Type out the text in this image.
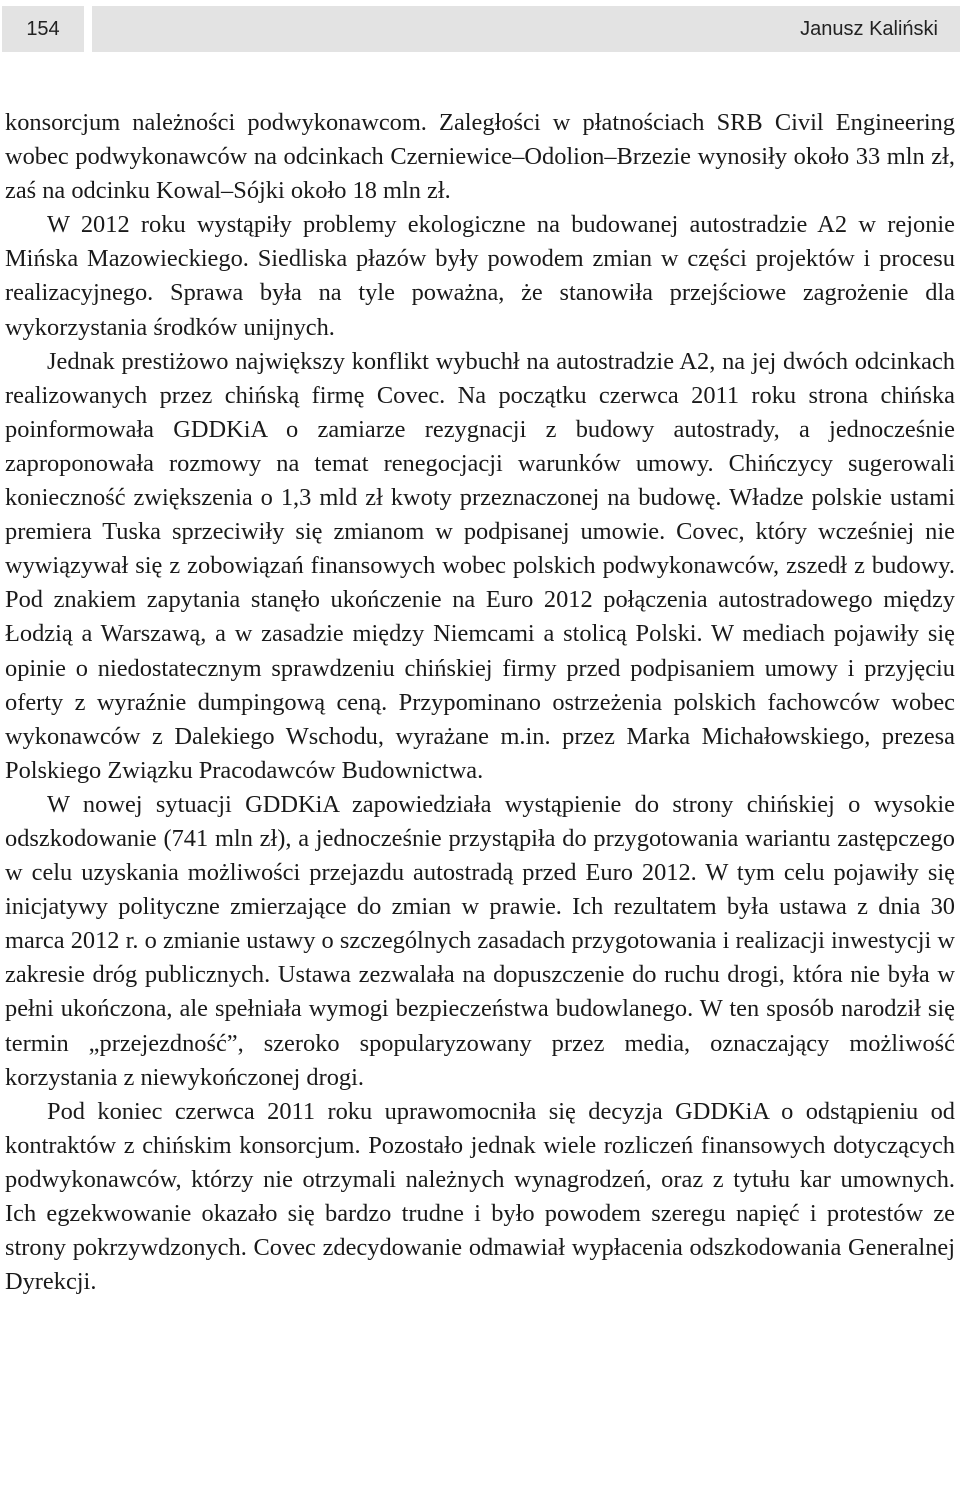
154	Janusz Kaliński

konsorcjum należności podwykonawcom. Zaległości w płatnościach SRB Civil Engineering wobec podwykonawców na odcinkach Czerniewice–Odolion–Brzezie wynosiły około 33 mln zł, zaś na odcinku Kowal–Sójki około 18 mln zł.

W 2012 roku wystąpiły problemy ekologiczne na budowanej autostradzie A2 w rejonie Mińska Mazowieckiego. Siedliska płazów były powodem zmian w części projektów i procesu realizacyjnego. Sprawa była na tyle poważna, że stanowiła przejściowe zagrożenie dla wykorzystania środków unijnych.

Jednak prestiżowo największy konflikt wybuchł na autostradzie A2, na jej dwóch odcinkach realizowanych przez chińską firmę Covec. Na początku czerwca 2011 roku strona chińska poinformowała GDDKiA o zamiarze rezygnacji z budowy autostrady, a jednocześnie zaproponowała rozmowy na temat renegocjacji warunków umowy. Chińczycy sugerowali konieczność zwiększenia o 1,3 mld zł kwoty przeznaczonej na budowę. Władze polskie ustami premiera Tuska sprzeciwiły się zmianom w podpisanej umowie. Covec, który wcześniej nie wywiązywał się z zobowiązań finansowych wobec polskich podwykonawców, zszedł z budowy. Pod znakiem zapytania stanęło ukończenie na Euro 2012 połączenia autostradowego między Łodzią a Warszawą, a w zasadzie między Niemcami a stolicą Polski. W mediach pojawiły się opinie o niedostatecznym sprawdzeniu chińskiej firmy przed podpisaniem umowy i przyjęciu oferty z wyraźnie dumpingową ceną. Przypominano ostrzeżenia polskich fachowców wobec wykonawców z Dalekiego Wschodu, wyrażane m.in. przez Marka Michałowskiego, prezesa Polskiego Związku Pracodawców Budownictwa.

W nowej sytuacji GDDKiA zapowiedziała wystąpienie do strony chińskiej o wysokie odszkodowanie (741 mln zł), a jednocześnie przystąpiła do przygotowania wariantu zastępczego w celu uzyskania możliwości przejazdu autostradą przed Euro 2012. W tym celu pojawiły się inicjatywy polityczne zmierzające do zmian w prawie. Ich rezultatem była ustawa z dnia 30 marca 2012 r. o zmianie ustawy o szczególnych zasadach przygotowania i realizacji inwestycji w zakresie dróg publicznych. Ustawa zezwalała na dopuszczenie do ruchu drogi, która nie była w pełni ukończona, ale spełniała wymogi bezpieczeństwa budowlanego. W ten sposób narodził się termin „przejezdność”, szeroko spopularyzowany przez media, oznaczający możliwość korzystania z niewykończonej drogi.

Pod koniec czerwca 2011 roku uprawomocniła się decyzja GDDKiA o odstąpieniu od kontraktów z chińskim konsorcjum. Pozostało jednak wiele rozliczeń finansowych dotyczących podwykonawców, którzy nie otrzymali należnych wynagrodzeń, oraz z tytułu kar umownych. Ich egzekwowanie okazało się bardzo trudne i było powodem szeregu napięć i protestów ze strony pokrzywdzonych. Covec zdecydowanie odmawiał wypłacenia odszkodowania Generalnej Dyrekcji.
